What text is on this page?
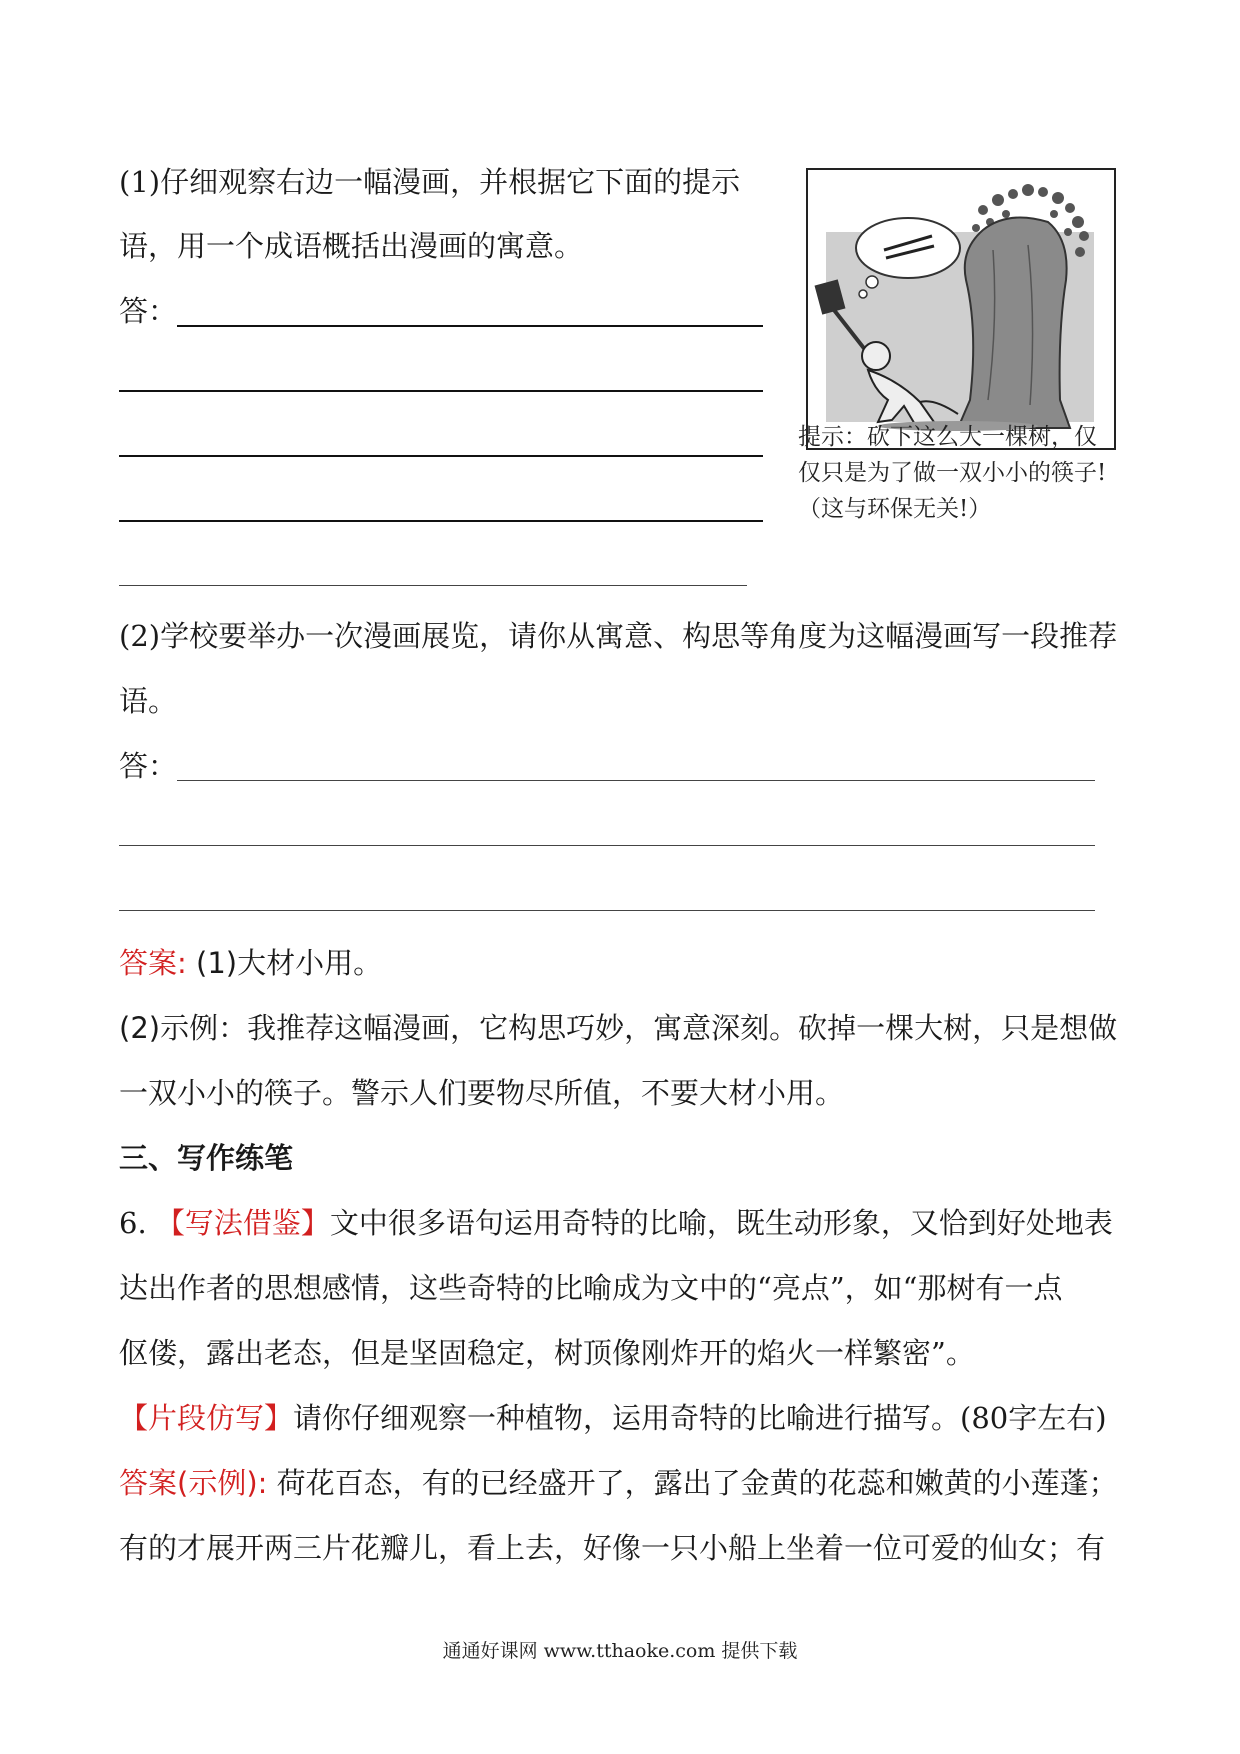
(1)仔细观察右边一幅漫画，并根据它下面的提示
语，用一个成语概括出漫画的寓意。
答：
提示：砍下这么大一棵树，仅
仅只是为了做一双小小的筷子!
（这与环保无关!）
(2)学校要举办一次漫画展览，请你从寓意、构思等角度为这幅漫画写一段推荐
语。
答：
答案: (1)大材小用。
(2)示例：我推荐这幅漫画，它构思巧妙，寓意深刻。砍掉一棵大树，只是想做
一双小小的筷子。警示人们要物尽所值，不要大材小用。
三、写作练笔
6. 【写法借鉴】文中很多语句运用奇特的比喻，既生动形象，又恰到好处地表
达出作者的思想感情，这些奇特的比喻成为文中的“亮点”，如“那树有一点
伛偻，露出老态，但是坚固稳定，树顶像刚炸开的焰火一样繁密”。
【片段仿写】请你仔细观察一种植物，运用奇特的比喻进行描写。(80字左右)
答案(示例): 荷花百态，有的已经盛开了，露出了金黄的花蕊和嫩黄的小莲蓬；
有的才展开两三片花瓣儿，看上去，好像一只小船上坐着一位可爱的仙女；有
通通好课网 www.tthaoke.com 提供下载
